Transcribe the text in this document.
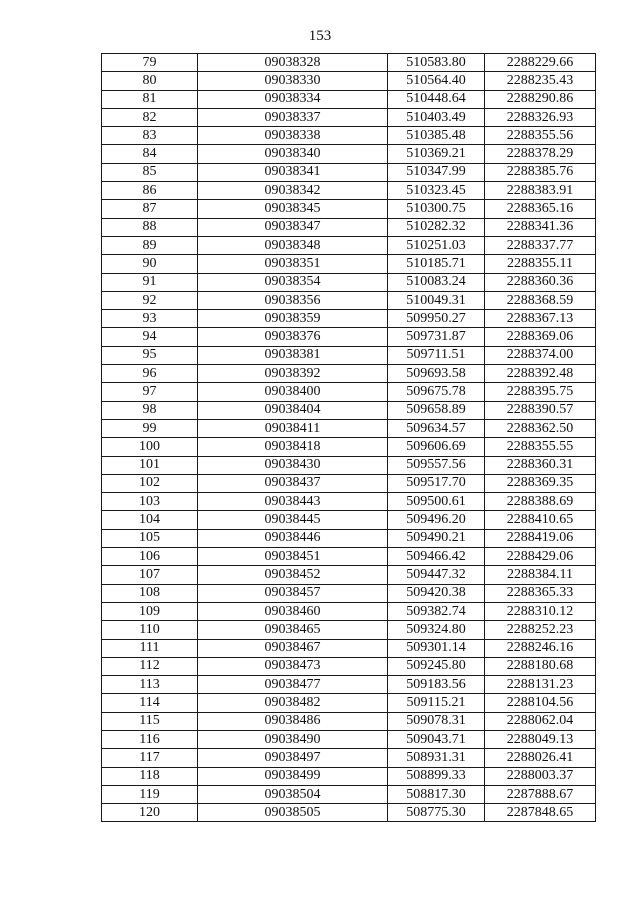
153
79	09038328	510583.80	2288229.66
80	09038330	510564.40	2288235.43
81	09038334	510448.64	2288290.86
82	09038337	510403.49	2288326.93
83	09038338	510385.48	2288355.56
84	09038340	510369.21	2288378.29
85	09038341	510347.99	2288385.76
86	09038342	510323.45	2288383.91
87	09038345	510300.75	2288365.16
88	09038347	510282.32	2288341.36
89	09038348	510251.03	2288337.77
90	09038351	510185.71	2288355.11
91	09038354	510083.24	2288360.36
92	09038356	510049.31	2288368.59
93	09038359	509950.27	2288367.13
94	09038376	509731.87	2288369.06
95	09038381	509711.51	2288374.00
96	09038392	509693.58	2288392.48
97	09038400	509675.78	2288395.75
98	09038404	509658.89	2288390.57
99	09038411	509634.57	2288362.50
100	09038418	509606.69	2288355.55
101	09038430	509557.56	2288360.31
102	09038437	509517.70	2288369.35
103	09038443	509500.61	2288388.69
104	09038445	509496.20	2288410.65
105	09038446	509490.21	2288419.06
106	09038451	509466.42	2288429.06
107	09038452	509447.32	2288384.11
108	09038457	509420.38	2288365.33
109	09038460	509382.74	2288310.12
110	09038465	509324.80	2288252.23
111	09038467	509301.14	2288246.16
112	09038473	509245.80	2288180.68
113	09038477	509183.56	2288131.23
114	09038482	509115.21	2288104.56
115	09038486	509078.31	2288062.04
116	09038490	509043.71	2288049.13
117	09038497	508931.31	2288026.41
118	09038499	508899.33	2288003.37
119	09038504	508817.30	2287888.67
120	09038505	508775.30	2287848.65
